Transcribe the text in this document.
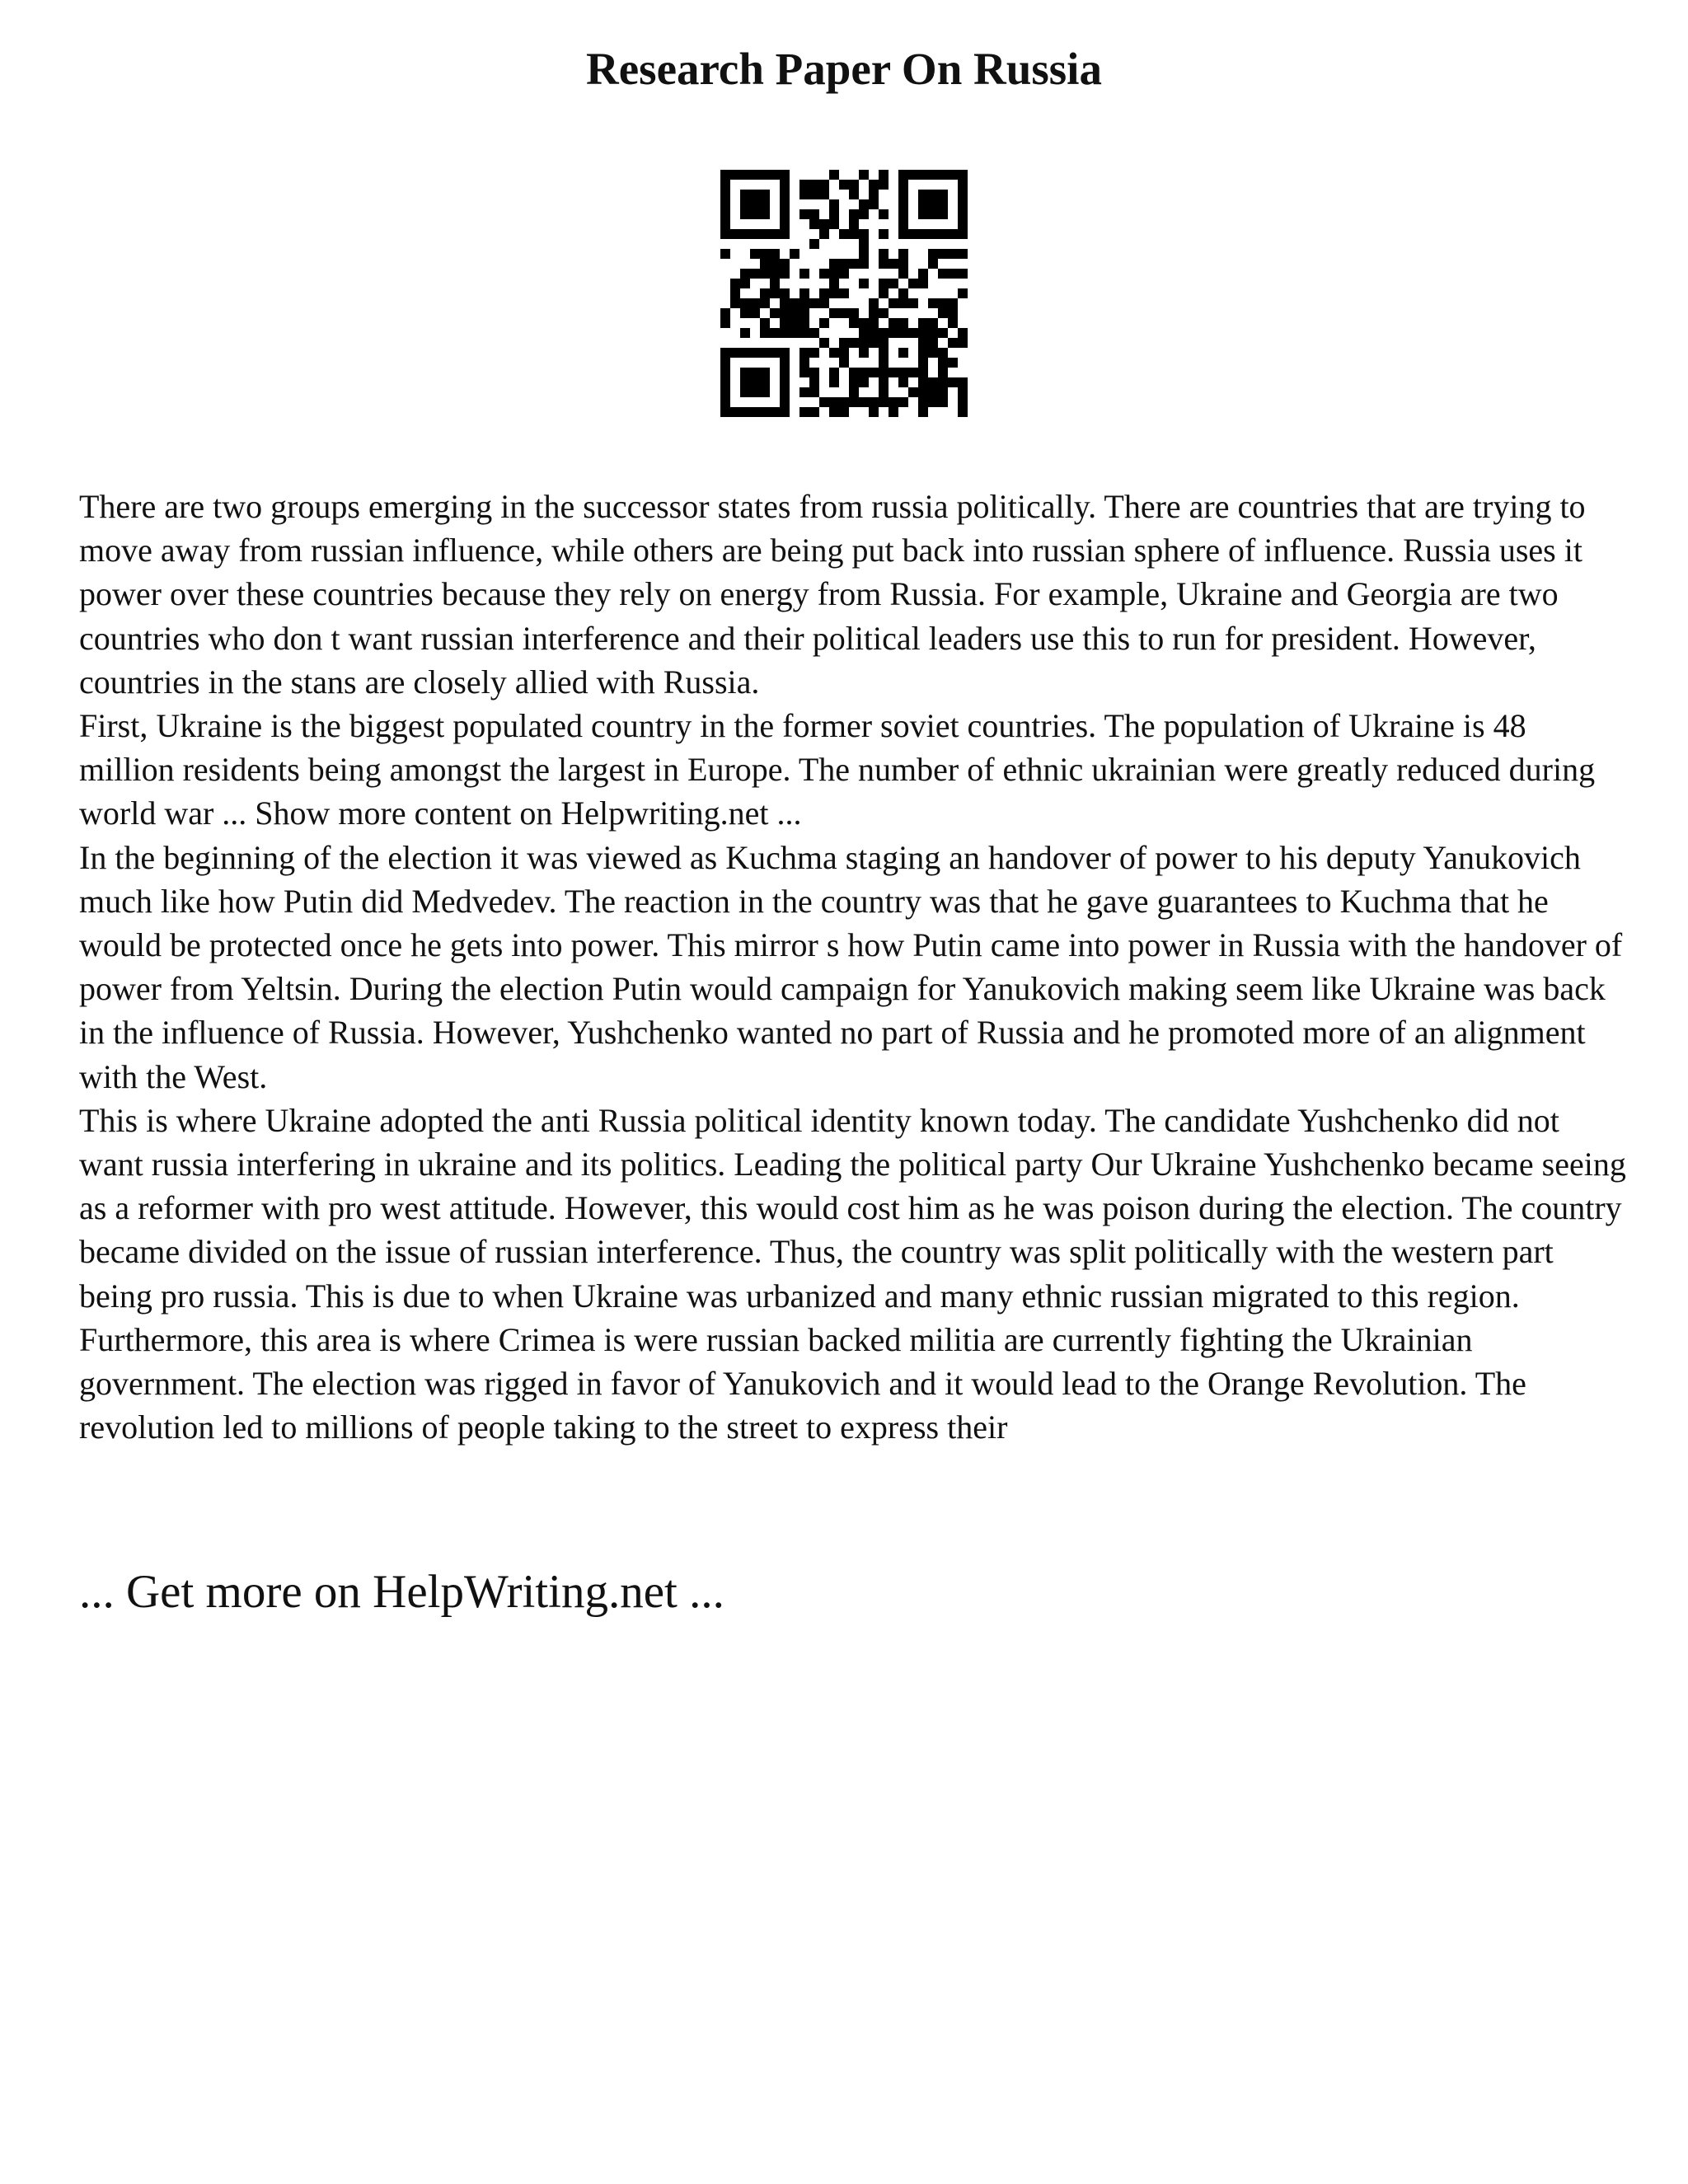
Research Paper On Russia

There are two groups emerging in the successor states from russia politically. There are countries that are trying to move away from russian influence, while others are being put back into russian sphere of influence. Russia uses it power over these countries because they rely on energy from Russia. For example, Ukraine and Georgia are two countries who don t want russian interference and their political leaders use this to run for president. However, countries in the stans are closely allied with Russia.

First, Ukraine is the biggest populated country in the former soviet countries. The population of Ukraine is 48 million residents being amongst the largest in Europe. The number of ethnic ukrainian were greatly reduced during world war ... Show more content on Helpwriting.net ...

In the beginning of the election it was viewed as Kuchma staging an handover of power to his deputy Yanukovich much like how Putin did Medvedev. The reaction in the country was that he gave guarantees to Kuchma that he would be protected once he gets into power. This mirror s how Putin came into power in Russia with the handover of power from Yeltsin. During the election Putin would campaign for Yanukovich making seem like Ukraine was back in the influence of Russia. However, Yushchenko wanted no part of Russia and he promoted more of an alignment with the West.

This is where Ukraine adopted the anti Russia political identity known today. The candidate Yushchenko did not want russia interfering in ukraine and its politics. Leading the political party Our Ukraine Yushchenko became seeing as a reformer with pro west attitude. However, this would cost him as he was poison during the election. The country became divided on the issue of russian interference. Thus, the country was split politically with the western part being pro russia. This is due to when Ukraine was urbanized and many ethnic russian migrated to this region. Furthermore, this area is where Crimea is were russian backed militia are currently fighting the Ukrainian government. The election was rigged in favor of Yanukovich and it would lead to the Orange Revolution. The revolution led to millions of people taking to the street to express their

... Get more on HelpWriting.net ...
